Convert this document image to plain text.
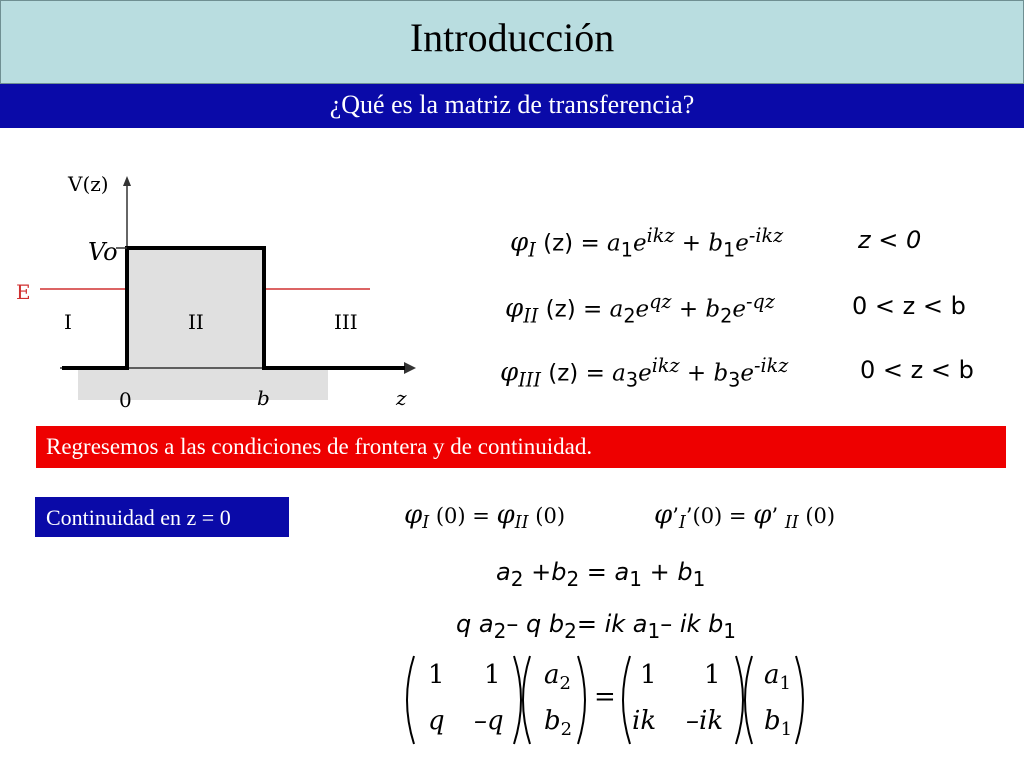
Introducción
¿Qué es la matriz de transferencia?
V(z)
Vo
E
I	II	III
0	b	z
$\varphi_I$ $(z) = a_1e^{ikz} + b_1e^{-ikz}$	z < 0
$\varphi_{II}$ $(z) = a_2e^{qz} + b_2e^{-qz}$	0 < z < b
$\varphi_{III}$ $(z) = a_3e^{ikz} + b_3e^{-ikz}$	0 < z < b
Regresemos a las condiciones de frontera y de continuidad.
Continuidad en z = 0	$\varphi_I$ $(0) = \varphi_{II}$ (0)	$\varphi’_I’(0) = \varphi$’ $_{II}$ (0)
$a_2 +b_2 = a_1 + b_1$
q $a_2-$ q $b_2=$ ik $a_1-$ ik $b_1$
1 1
q –q
$a_2$
$b_2$
=
1 1
ik –ik
$a_1$
$b_1$
